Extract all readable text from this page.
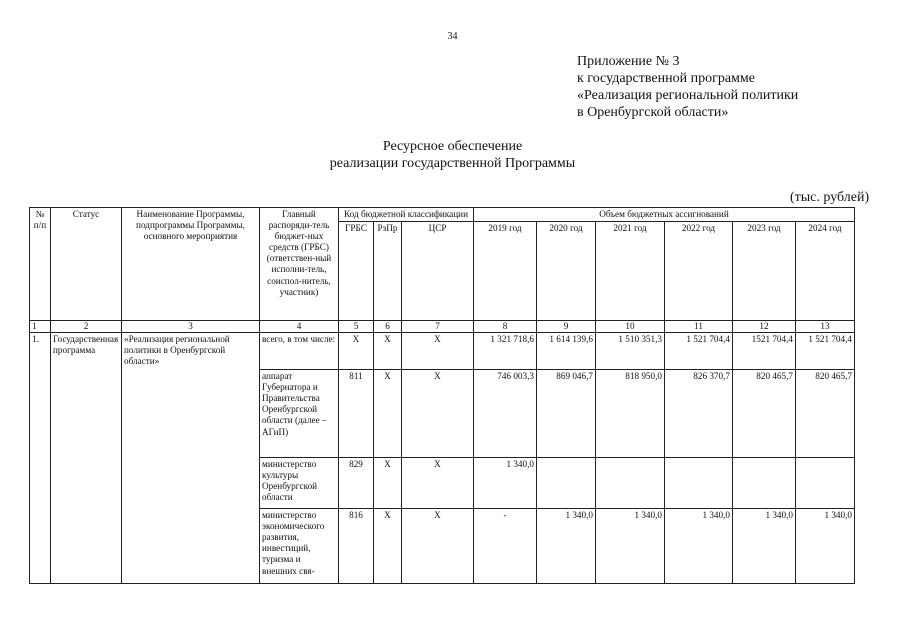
34
Приложение № 3
к государственной программе
«Реализация региональной политики
в Оренбургской области»
Ресурсное обеспечение
реализации государственной Программы
(тыс. рублей)
№ п/п	Статус	Наименование Программы, подпрограммы Программы, основного мероприятия	Главный распоряди-тель бюджет-ных средств (ГРБС) (ответствен-ный исполни-тель, соиспол-нитель, участник)	Код бюджетной классификации			Объем бюджетных ассигнований					
				ГРБС	РзПр	ЦСР	2019 год	2020 год	2021 год	2022 год	2023 год	2024 год
1	2	3	4	5	6	7	8	9	10	11	12	13
1.	Государственная программа	«Реализация региональной политики в Оренбургской области»	всего, в том числе:	X	X	X	1 321 718,6	1 614 139,6	1 510 351,3	1 521 704,4	1521 704,4	1 521 704,4
			аппарат Губернатора и Правительства Оренбургской области (далее – АГиП)	811	X	X	746 003,3	869 046,7	818 950,0	826 370,7	820 465,7	820 465,7
			министерство культуры Оренбургской области	829	X	X	1 340,0					
			министерство экономического развития, инвестиций, туризма и внешних свя-	816	X	X	-	1 340,0	1 340,0	1 340,0	1 340,0	1 340,0
